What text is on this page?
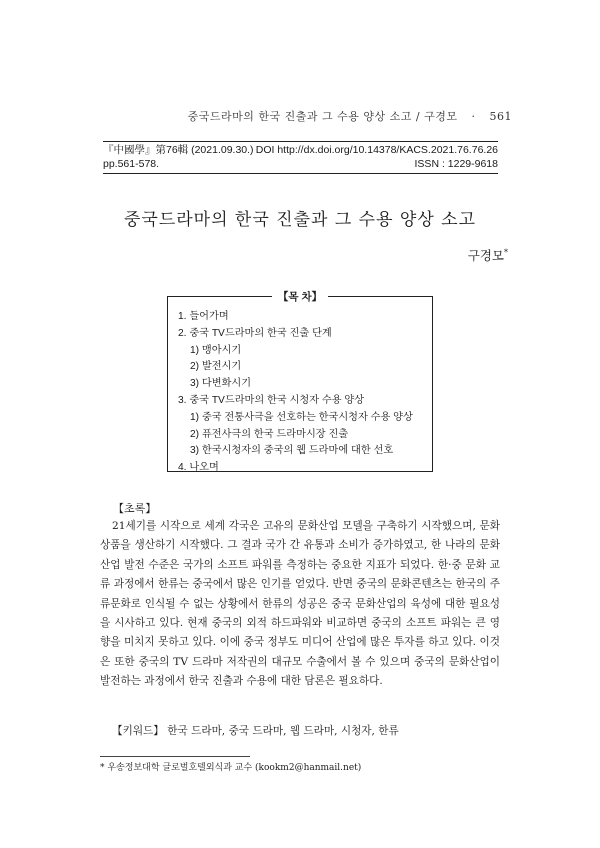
중국드라마의 한국 진출과 그 수용 양상 소고 / 구경모 · 561
『中國學』第76輯 (2021.09.30.) DOI http://dx.doi.org/10.14378/KACS.2021.76.76.26
pp.561-578.	ISSN : 1229-9618
중국드라마의 한국 진출과 그 수용 양상 소고
구경모*
【목 차】
1. 들어가며
2. 중국 TV드라마의 한국 진출 단계
1) 맹아시기
2) 발전시기
3) 다변화시기
3. 중국 TV드라마의 한국 시청자 수용 양상
1) 중국 전통사극을 선호하는 한국시청자 수용 양상
2) 퓨전사극의 한국 드라마시장 진출
3) 한국시청자의 중국의 웹 드라마에 대한 선호
4. 나오며
【초록】
21세기를 시작으로 세계 각국은 고유의 문화산업 모델을 구축하기 시작했으며, 문화상품을 생산하기 시작했다. 그 결과 국가 간 유통과 소비가 증가하였고, 한 나라의 문화산업 발전 수준은 국가의 소프트 파워를 측정하는 중요한 지표가 되었다. 한·중 문화 교류 과정에서 한류는 중국에서 많은 인기를 얻었다. 반면 중국의 문화콘텐츠는 한국의 주류문화로 인식될 수 없는 상황에서 한류의 성공은 중국 문화산업의 육성에 대한 필요성을 시사하고 있다. 현재 중국의 외적 하드파워와 비교하면 중국의 소프트 파워는 큰 영향을 미치지 못하고 있다. 이에 중국 정부도 미디어 산업에 많은 투자를 하고 있다. 이것은 또한 중국의 TV 드라마 저작권의 대규모 수출에서 볼 수 있으며 중국의 문화산업이 발전하는 과정에서 한국 진출과 수용에 대한 담론은 필요하다.
【키워드】 한국 드라마, 중국 드라마, 웹 드라마, 시청자, 한류
* 우송정보대학 글로벌호텔외식과 교수 (kookm2@hanmail.net)
